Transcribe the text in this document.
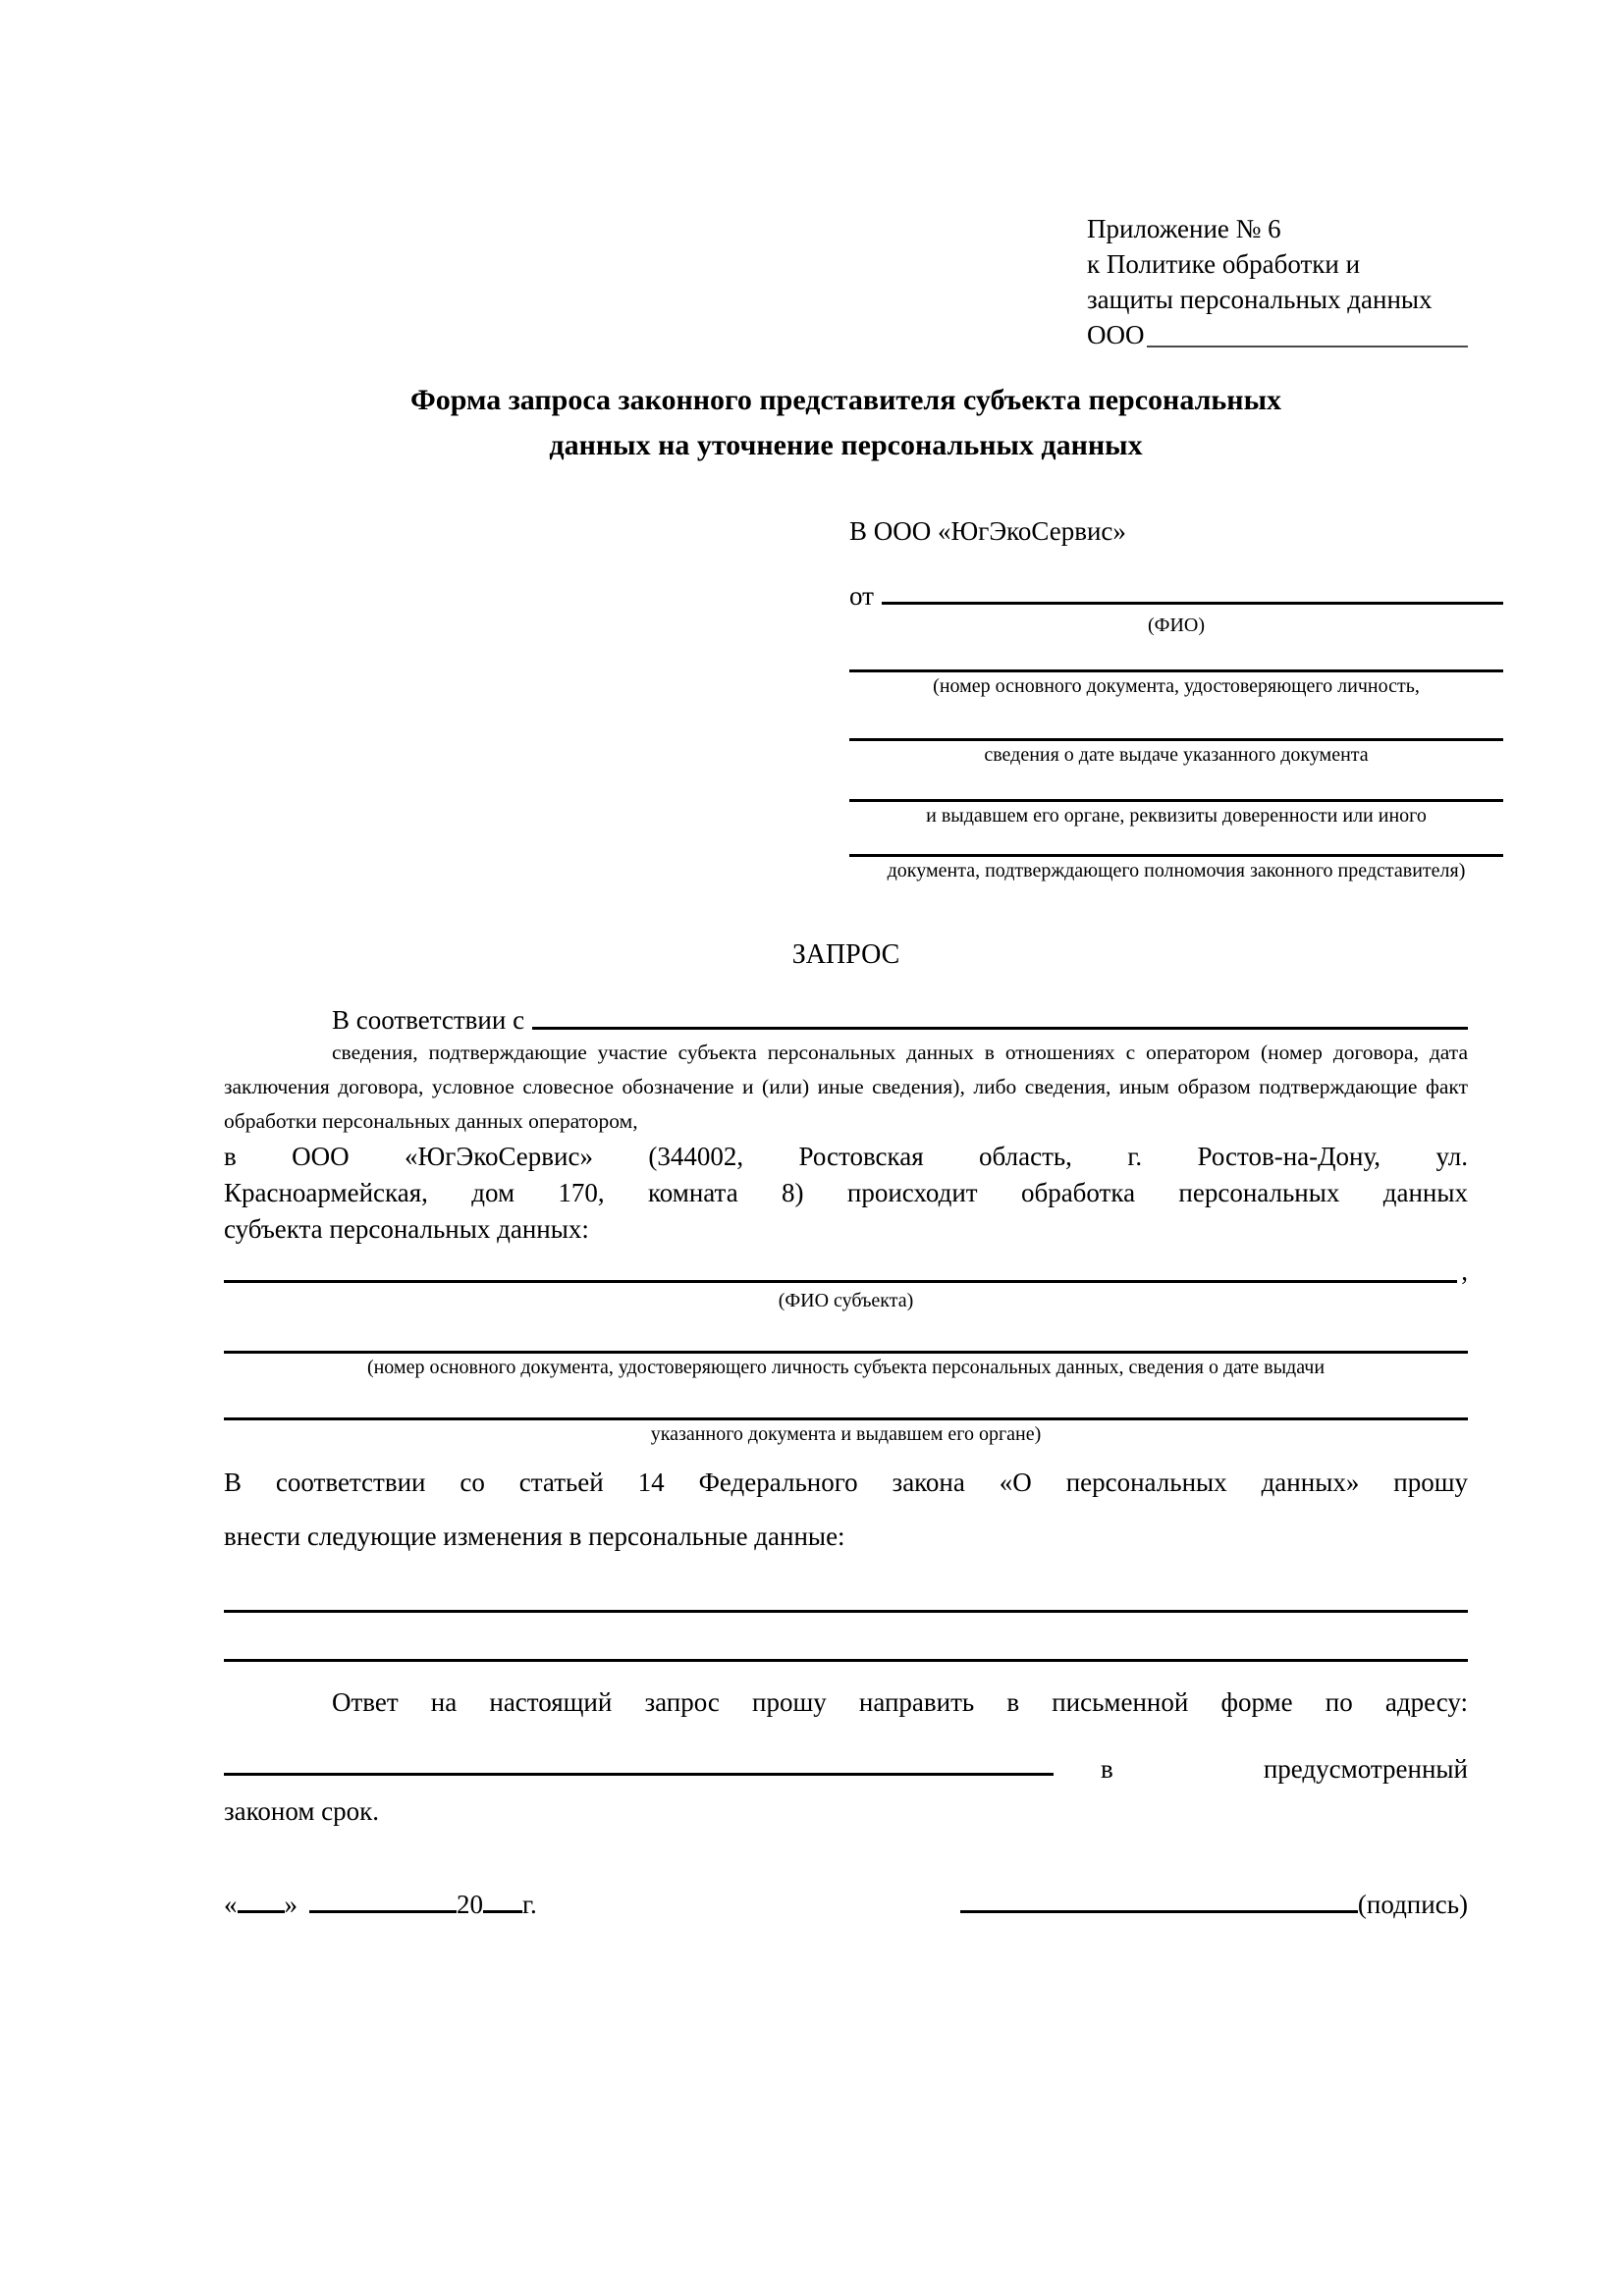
Приложение № 6
к Политике обработки и
защиты персональных данных
ООО
Форма запроса законного представителя субъекта персональных
данных на уточнение персональных данных
В ООО «ЮгЭкоСервис»
от
(ФИО)
(номер основного документа, удостоверяющего личность,
сведения о дате выдаче указанного документа
и выдавшем его органе, реквизиты доверенности или иного
документа, подтверждающего полномочия законного представителя)
ЗАПРОС
В соответствии с
сведения, подтверждающие участие субъекта персональных данных в отношениях с оператором (номер договора, дата заключения договора, условное словесное обозначение и (или) иные сведения), либо сведения, иным образом подтверждающие факт обработки персональных данных оператором,
в ООО «ЮгЭкоСервис» (344002, Ростовская область, г. Ростов-на-Дону, ул.
Красноармейская, дом 170, комната 8) происходит обработка персональных данных
субъекта персональных данных:
,
(ФИО субъекта)
(номер основного документа, удостоверяющего личность субъекта персональных данных, сведения о дате выдачи
указанного документа и выдавшем его органе)
В соответствии со статьей 14 Федерального закона «О персональных данных» прошу
внести следующие изменения в персональные данные:
Ответ на настоящий запрос прошу направить в письменной форме по адресу:
в	предусмотренный
законом срок.
« »	20 г.	(подпись)
